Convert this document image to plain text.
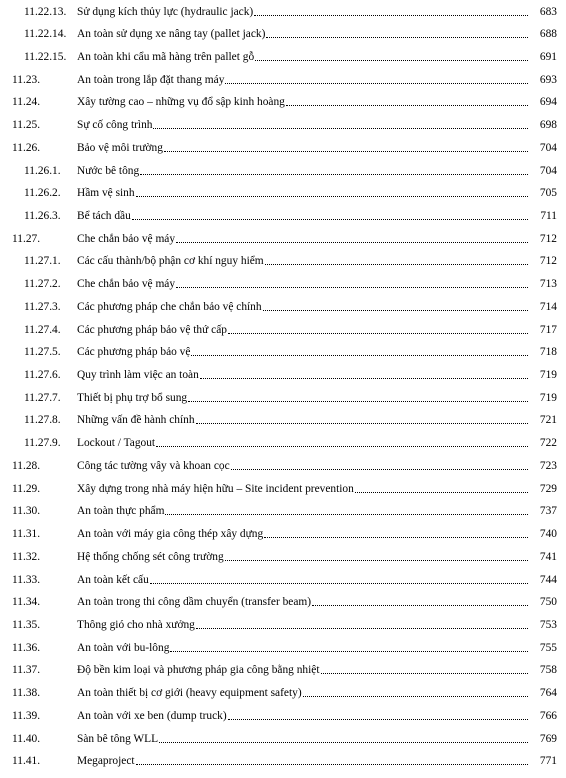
11.22.13. Sử dụng kích thủy lực (hydraulic jack)	683
11.22.14. An toàn sử dụng xe nâng tay (pallet jack)	688
11.22.15. An toàn khi cẩu mã hàng trên pallet gỗ	691
11.23.	An toàn trong lắp đặt thang máy	693
11.24.	Xây tường cao – những vụ đổ sập kinh hoàng	694
11.25.	Sự cố công trình	698
11.26.	Bảo vệ môi trường	704
11.26.1. Nước bê tông	704
11.26.2. Hầm vệ sinh	705
11.26.3. Bể tách dầu	711
11.27.	Che chắn bảo vệ máy	712
11.27.1. Các cấu thành/bộ phận cơ khí nguy hiểm	712
11.27.2. Che chắn bảo vệ máy	713
11.27.3. Các phương pháp che chắn bảo vệ chính	714
11.27.4. Các phương pháp bảo vệ thứ cấp	717
11.27.5. Các phương pháp bảo vệ	718
11.27.6. Quy trình làm việc an toàn	719
11.27.7. Thiết bị phụ trợ bổ sung	719
11.27.8. Những vấn đề hành chính	721
11.27.9. Lockout / Tagout	722
11.28.	Công tác tường vây và khoan cọc	723
11.29.	Xây dựng trong nhà máy hiện hữu – Site incident prevention	729
11.30.	An toàn thực phẩm	737
11.31.	An toàn với máy gia công thép xây dựng	740
11.32.	Hệ thống chống sét công trường	741
11.33.	An toàn kết cấu	744
11.34.	An toàn trong thi công dầm chuyển (transfer beam)	750
11.35.	Thông gió cho nhà xưởng	753
11.36.	An toàn với bu-lông	755
11.37.	Độ bền kim loại và phương pháp gia công bằng nhiệt	758
11.38.	An toàn thiết bị cơ giới (heavy equipment safety)	764
11.39.	An toàn với xe ben (dump truck)	766
11.40.	Sàn bê tông WLL	769
11.41.	Megaproject	771
